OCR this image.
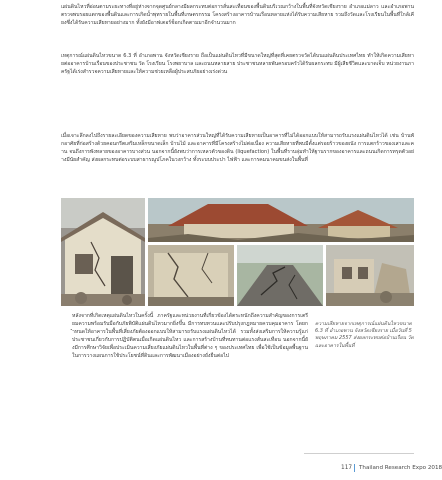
แผ่นดินไหวที่อ่อนตามระยะทางที่อยู่ห่างจากจุดศูนย์กลางมีผลกระทบต่อการสั่นสะเทือนของพื้นดินบริเวณกว้างในพื้นที่จังหวัดเชียงราย อำเภอแม่ลาว และอำเภอพาน ตรวจพบรอยแตกของพื้นดินและการเกิดน้ำพุทรายในพื้นที่เกษตรกรรม โครงสร้างอาคารบ้านเรือนหลายแห่งได้รับความเสียหาย รวมถึงวัดและโรงเรียนในพื้นที่ใกล้เคียงซึ่งได้รับความเสียหายอย่างมาก ทั้งยังมีอาฟเตอร์ช็อกเกิดตามมาอีกจำนวนมาก

เหตุการณ์แผ่นดินไหวขนาด 6.3 ที่ อำเภอพาน จังหวัดเชียงราย ถือเป็นแผ่นดินไหวที่มีขนาดใหญ่ที่สุดที่เคยตรวจวัดได้บนแผ่นดินประเทศไทย ทำให้เกิดความเสียหายต่ออาคารบ้านเรือนของประชาชน วัด โรงเรียน โรงพยาบาล และถนนหลายสาย ประชาชนหลายพันครอบครัวได้รับผลกระทบ มีผู้เสียชีวิตและบาดเจ็บ หน่วยงานภาครัฐได้เร่งสำรวจความเสียหายและให้ความช่วยเหลือผู้ประสบภัยอย่างเร่งด่วน

เมื่อเจาะลึกลงไปถึงรายละเอียดของความเสียหาย พบว่าอาคารส่วนใหญ่ที่ได้รับความเสียหายเป็นอาคารที่ไม่ได้ออกแบบให้สามารถรับแรงแผ่นดินไหวได้ เช่น บ้านพักอาศัยที่ก่อสร้างด้วยคอนกรีตเสริมเหล็กขนาดเล็ก บ้านไม้ และอาคารที่มีโครงสร้างไม่ต่อเนื่อง ความเสียหายที่พบมีตั้งแต่รอยร้าวของผนัง การแตกร้าวของเสาและคาน จนถึงการพังทลายของอาคารบางส่วน นอกจากนี้ยังพบว่าการเหลวตัวของดิน (liquefaction) ในพื้นที่ราบลุ่มทำให้ฐานรากของอาคารและถนนเกิดการทรุดตัวอย่างมีนัยสำคัญ ส่งผลกระทบต่อระบบสาธารณูปโภคในวงกว้าง ทั้งระบบประปา ไฟฟ้า และการคมนาคมขนส่งในพื้นที่

หลังจากที่เกิดเหตุแผ่นดินไหวในครั้งนี้ ภาครัฐและหน่วยงานที่เกี่ยวข้องได้ตระหนักถึงความสำคัญของการเตรียมความพร้อมรับมือกับภัยพิบัติแผ่นดินไหวมากยิ่งขึ้น มีการทบทวนและปรับปรุงกฎหมายควบคุมอาคาร โดยกำหนดให้อาคารในพื้นที่เสี่ยงภัยต้องออกแบบให้สามารถรับแรงแผ่นดินไหวได้ รวมทั้งส่งเสริมการให้ความรู้แก่ประชาชนเกี่ยวกับการปฏิบัติตนเมื่อเกิดแผ่นดินไหว และการสร้างบ้านที่ทนทานต่อแรงสั่นสะเทือน นอกจากนี้ยังมีการศึกษาวิจัยเพื่อประเมินความเสี่ยงภัยแผ่นดินไหวในพื้นที่ต่าง ๆ ของประเทศไทย เพื่อใช้เป็นข้อมูลพื้นฐานในการวางแผนการใช้ประโยชน์ที่ดินและการพัฒนาเมืองอย่างยั่งยืนต่อไป

ความเสียหายจากเหตุการณ์แผ่นดินไหวขนาด 6.3 ที่ อำเภอพาน จังหวัดเชียงราย เมื่อวันที่ 5 พฤษภาคม 2557 ส่งผลกระทบต่อบ้านเรือน วัด และอาคารในพื้นที่

117 Thailand Research Expo 2018
